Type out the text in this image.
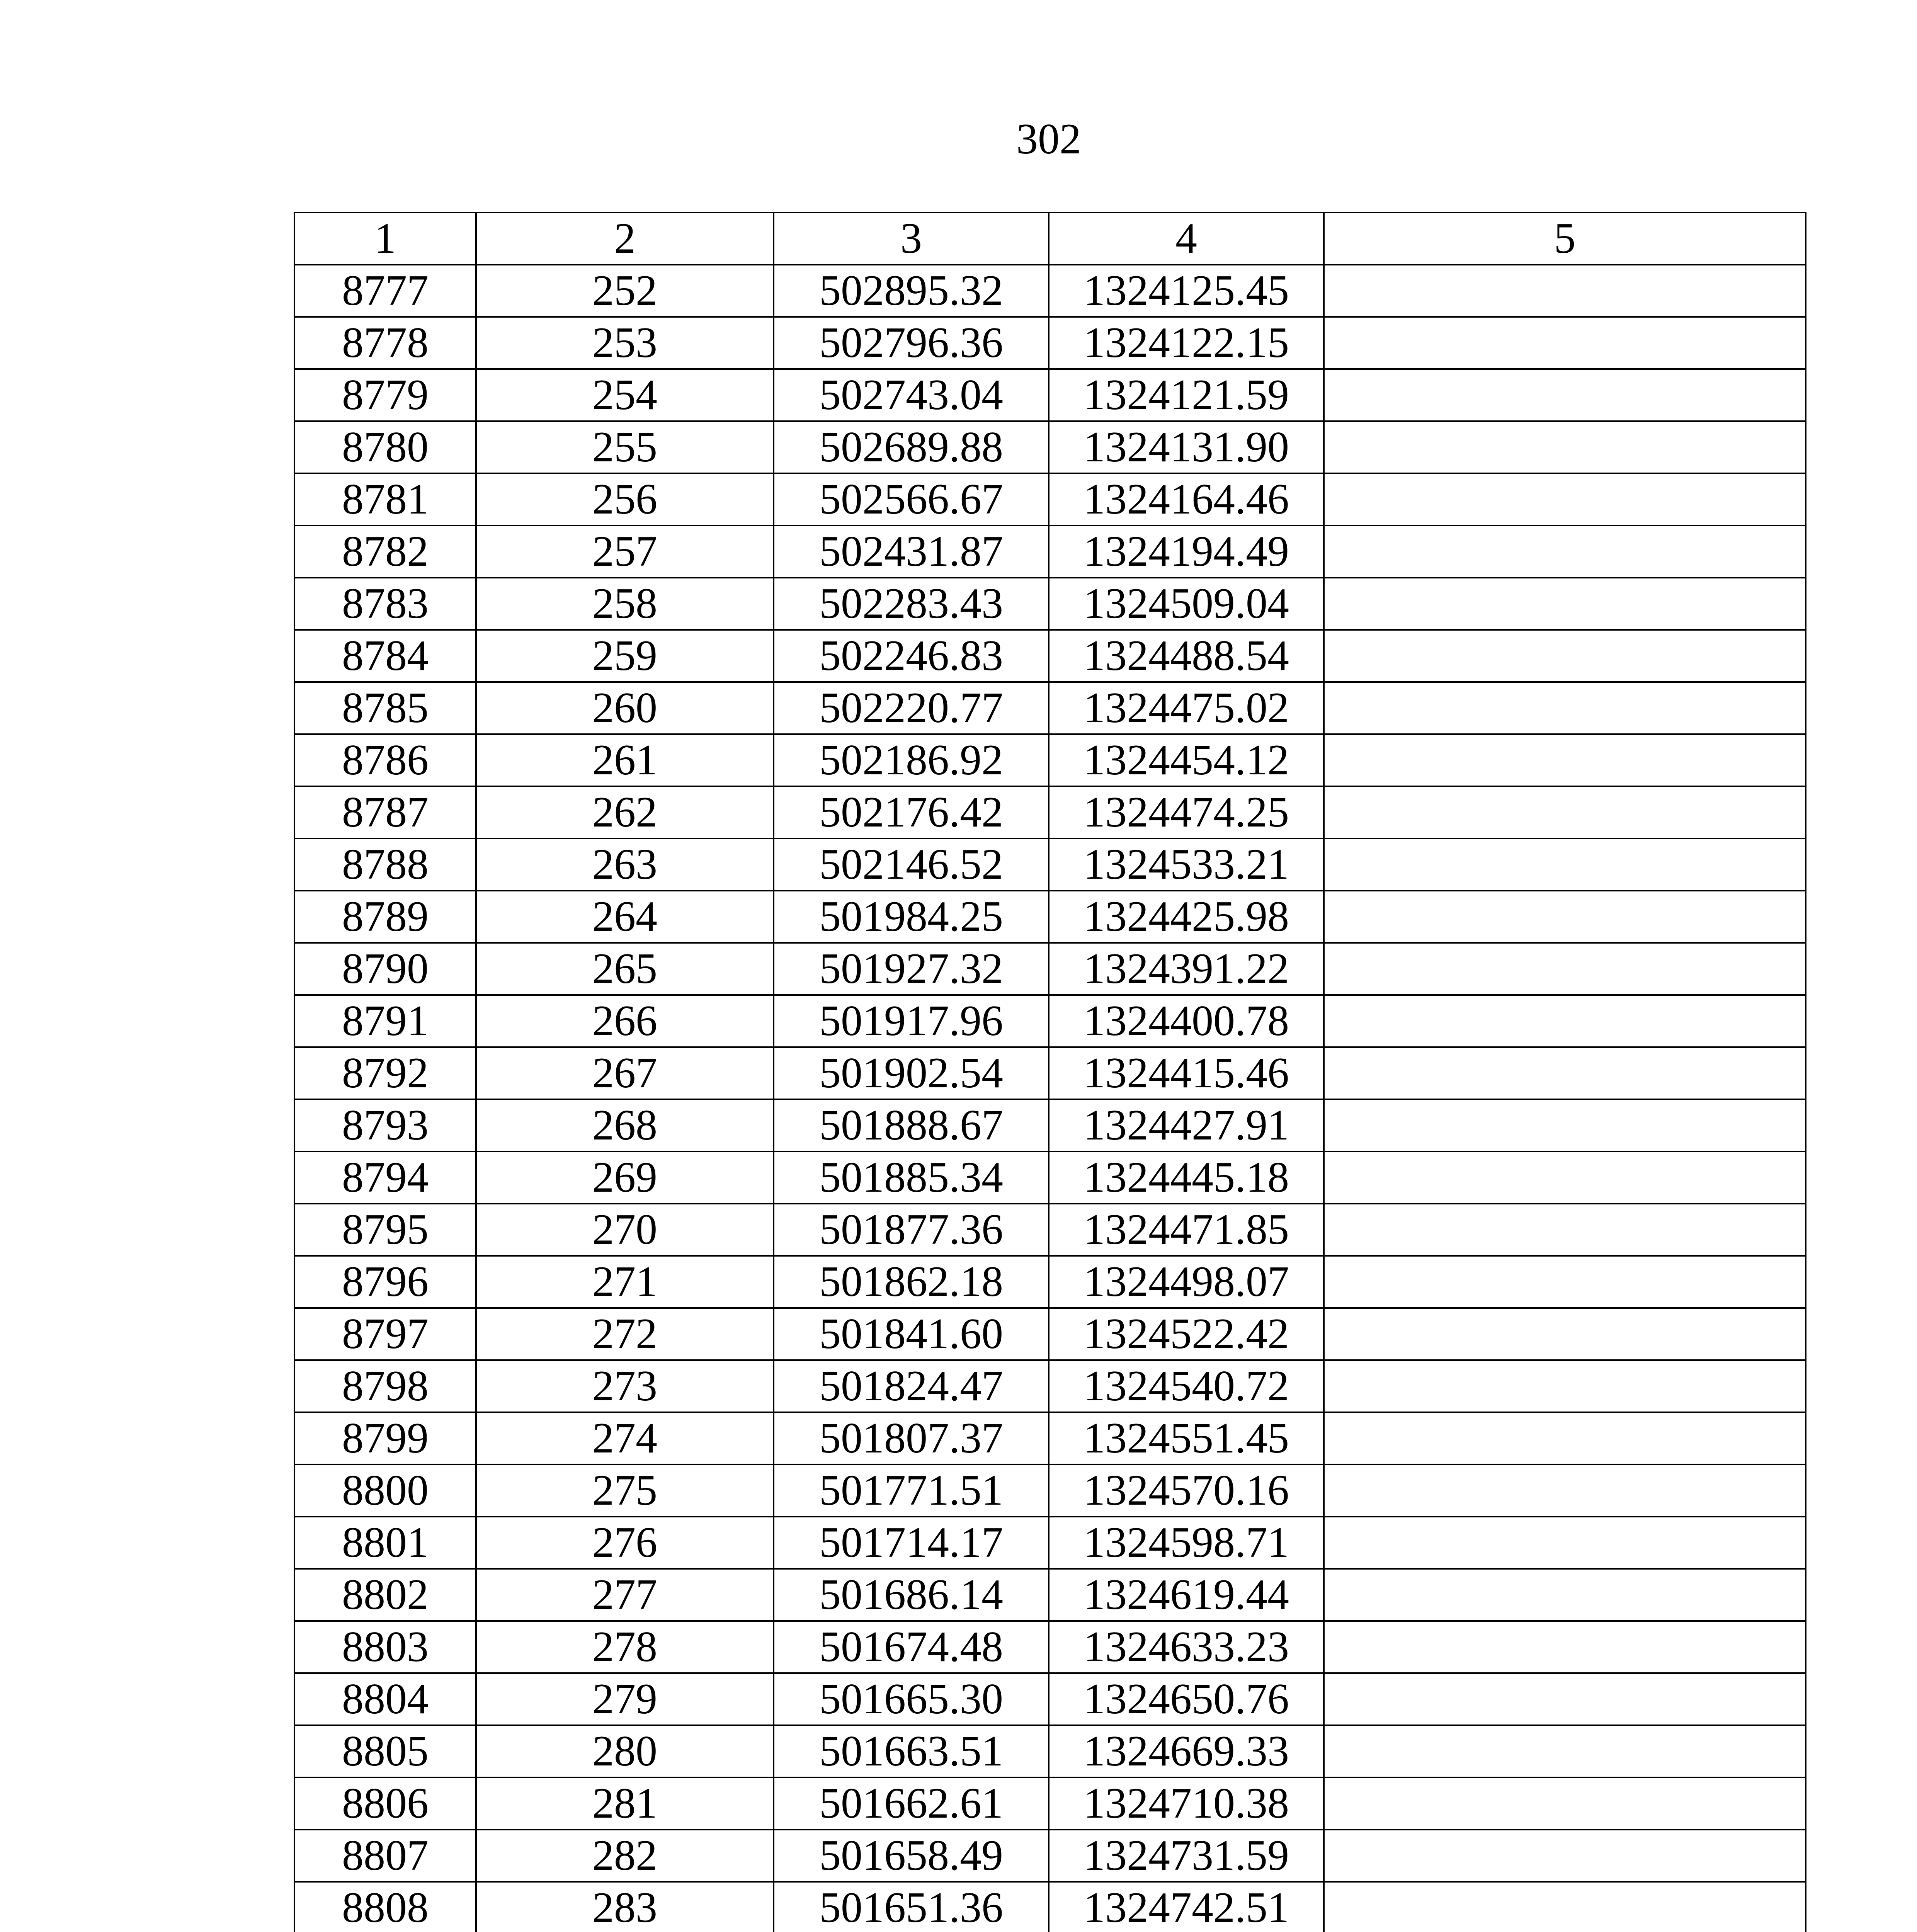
302
1	2	3	4	5
8777	252	502895.32	1324125.45	
8778	253	502796.36	1324122.15	
8779	254	502743.04	1324121.59	
8780	255	502689.88	1324131.90	
8781	256	502566.67	1324164.46	
8782	257	502431.87	1324194.49	
8783	258	502283.43	1324509.04	
8784	259	502246.83	1324488.54	
8785	260	502220.77	1324475.02	
8786	261	502186.92	1324454.12	
8787	262	502176.42	1324474.25	
8788	263	502146.52	1324533.21	
8789	264	501984.25	1324425.98	
8790	265	501927.32	1324391.22	
8791	266	501917.96	1324400.78	
8792	267	501902.54	1324415.46	
8793	268	501888.67	1324427.91	
8794	269	501885.34	1324445.18	
8795	270	501877.36	1324471.85	
8796	271	501862.18	1324498.07	
8797	272	501841.60	1324522.42	
8798	273	501824.47	1324540.72	
8799	274	501807.37	1324551.45	
8800	275	501771.51	1324570.16	
8801	276	501714.17	1324598.71	
8802	277	501686.14	1324619.44	
8803	278	501674.48	1324633.23	
8804	279	501665.30	1324650.76	
8805	280	501663.51	1324669.33	
8806	281	501662.61	1324710.38	
8807	282	501658.49	1324731.59	
8808	283	501651.36	1324742.51	
